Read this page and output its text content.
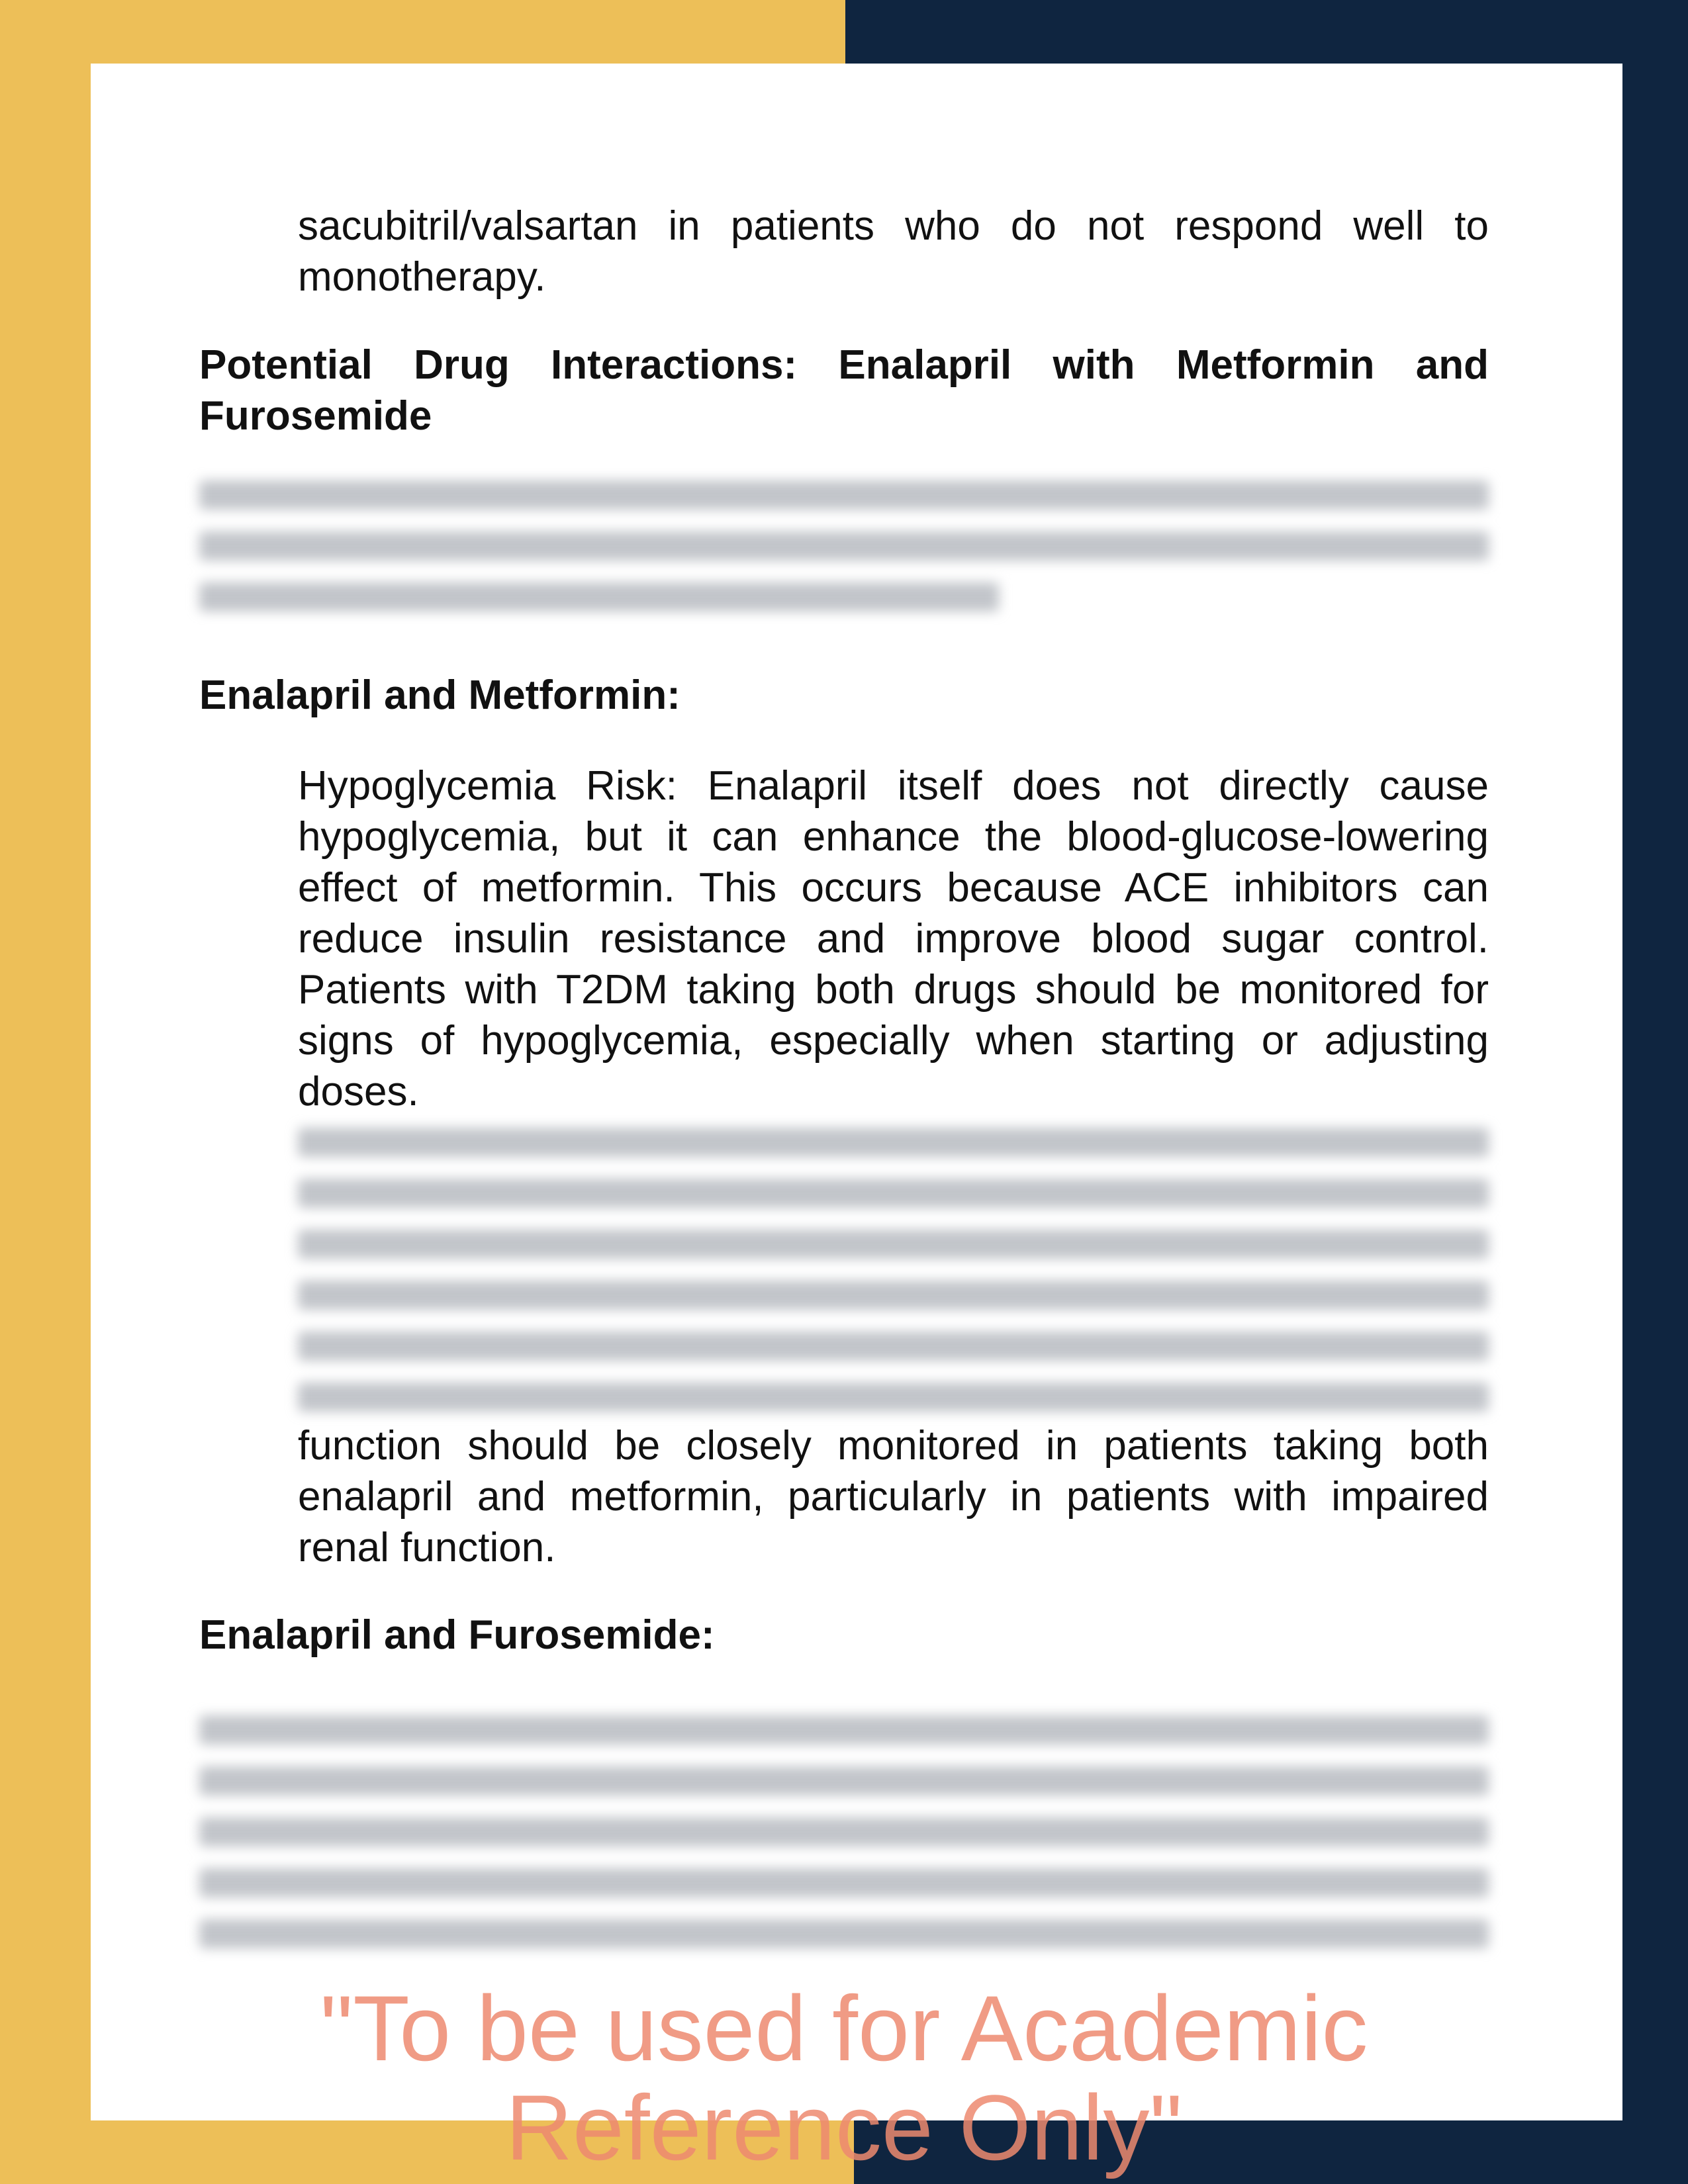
sacubitril/valsartan in patients who do not respond well to monotherapy.
Potential Drug Interactions: Enalapril with Metformin and Furosemide
Enalapril and Metformin:
Hypoglycemia Risk: Enalapril itself does not directly cause hypoglycemia, but it can enhance the blood-glucose-lowering effect of metformin. This occurs because ACE inhibitors can reduce insulin resistance and improve blood sugar control. Patients with T2DM taking both drugs should be monitored for signs of hypoglycemia, especially when starting or adjusting doses.
function should be closely monitored in patients taking both enalapril and metformin, particularly in patients with impaired renal function.
Enalapril and Furosemide:
"To be used for Academic Reference Only"
